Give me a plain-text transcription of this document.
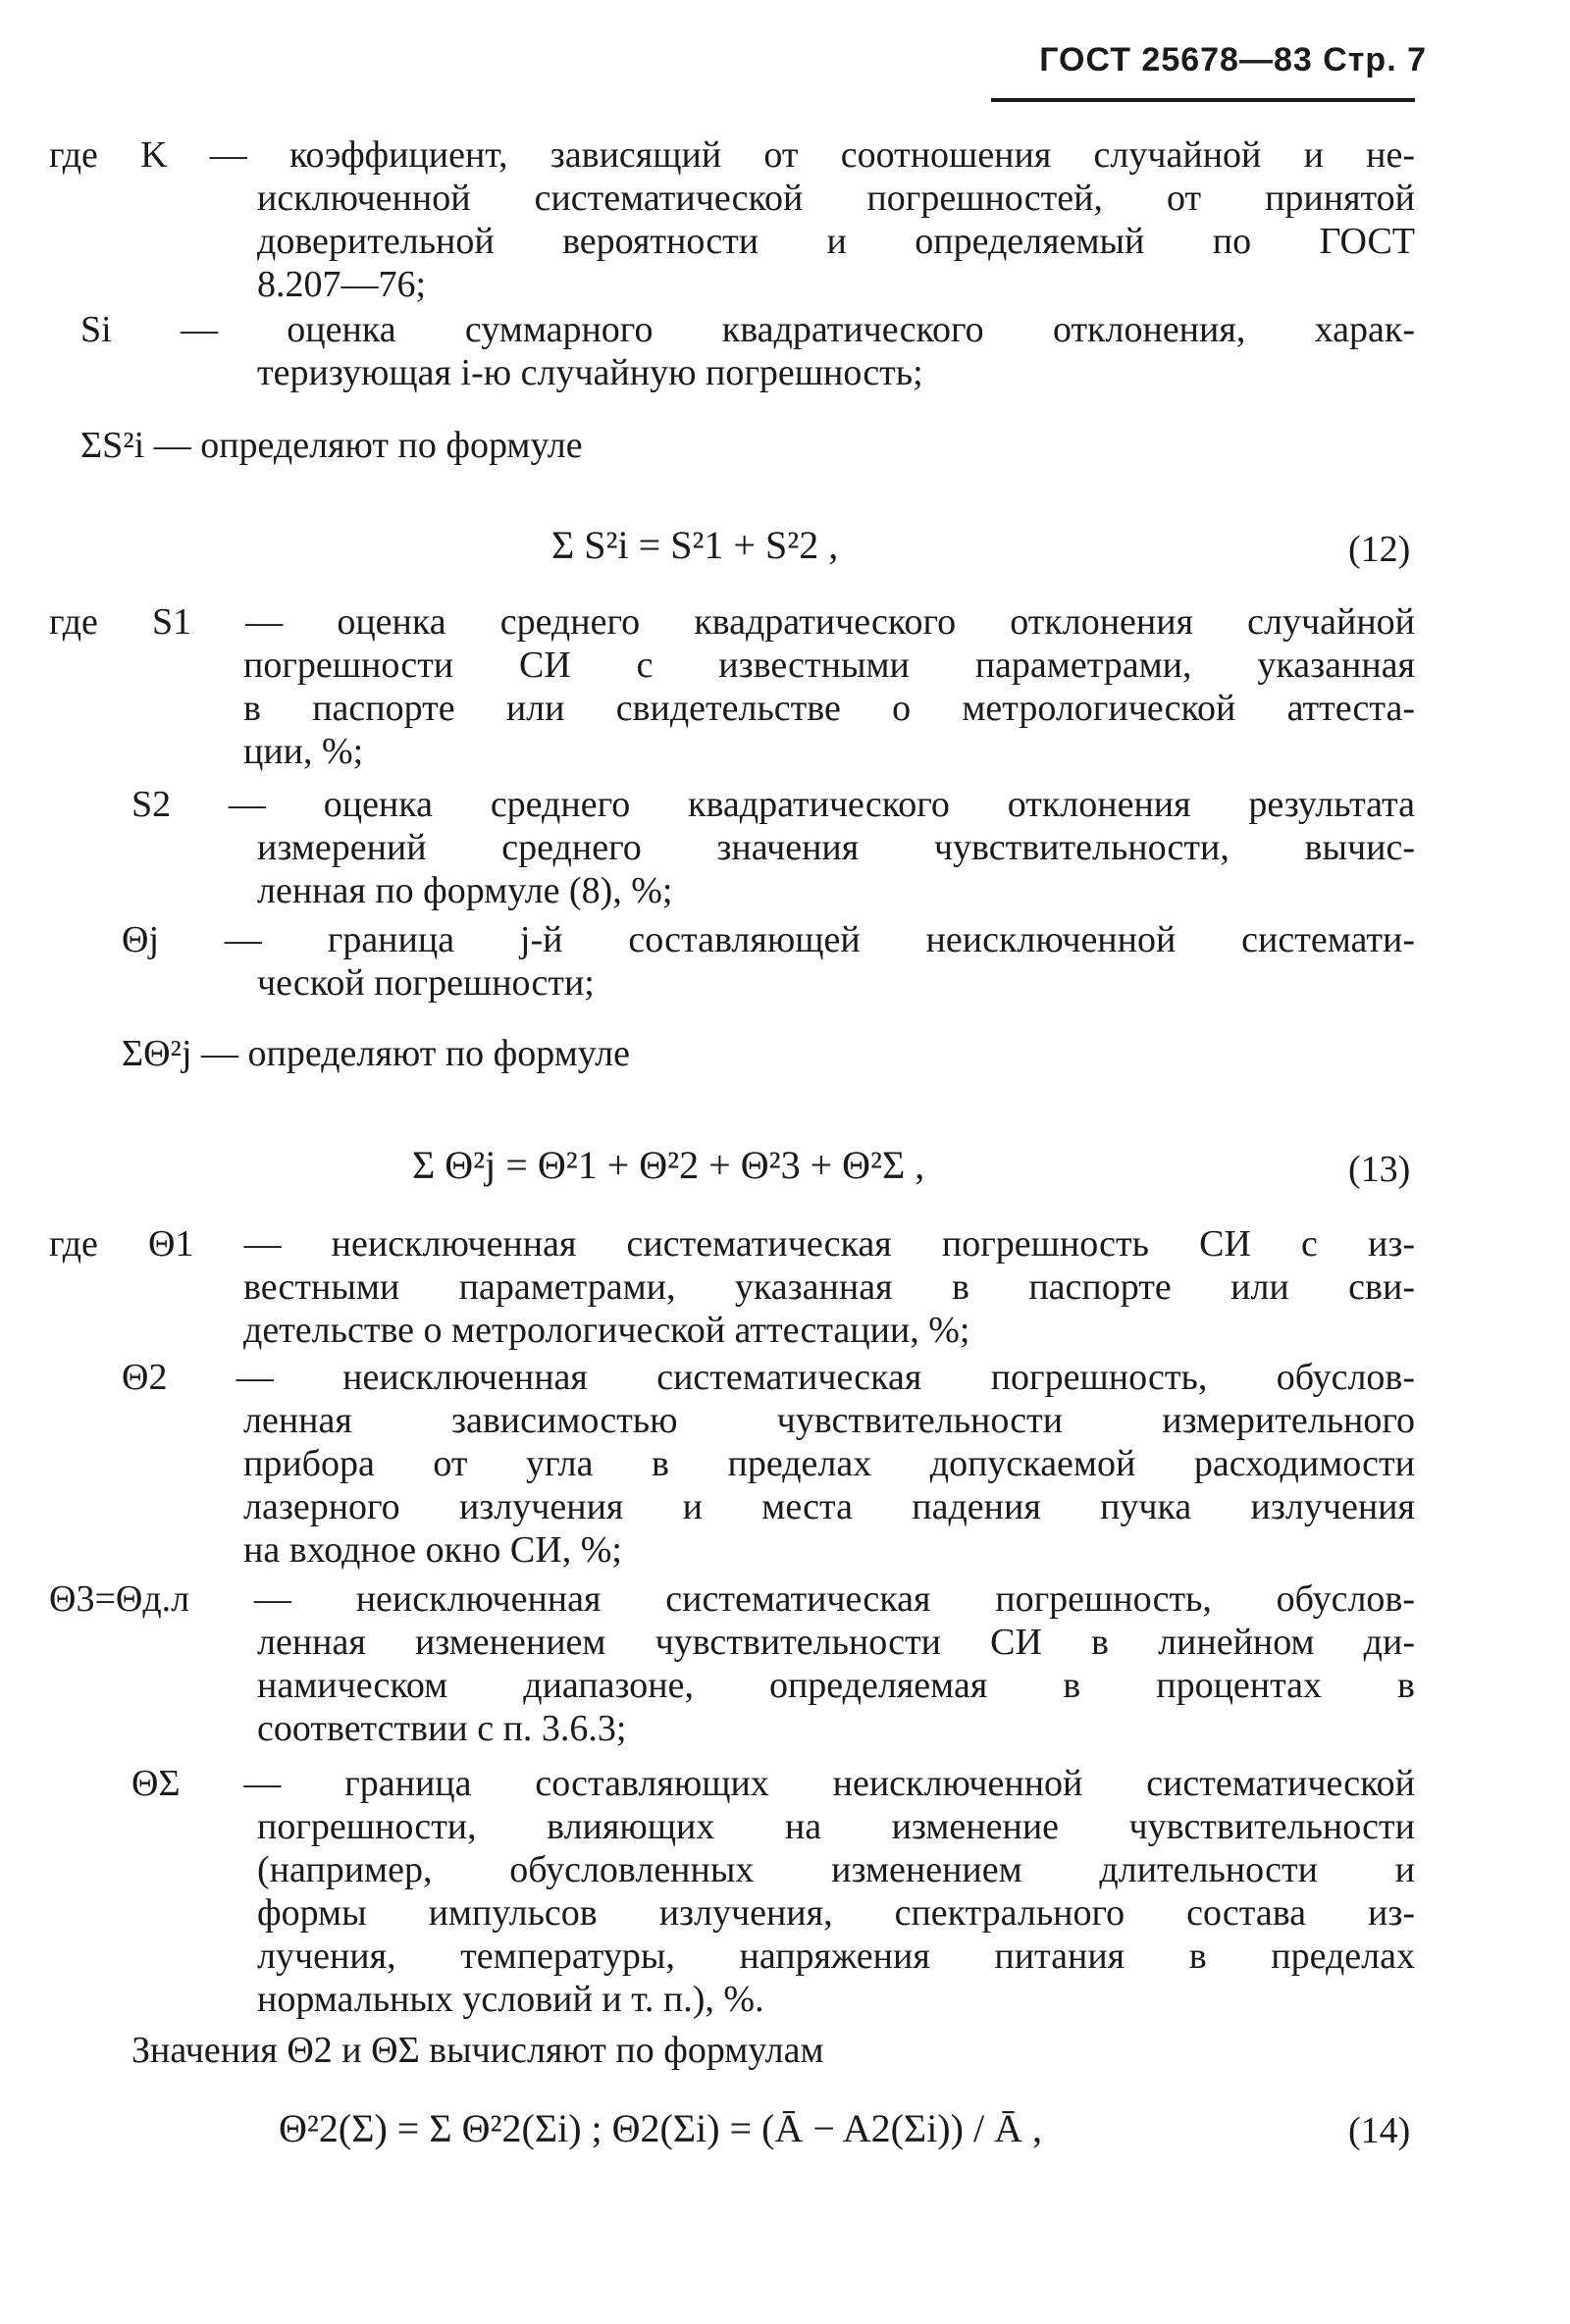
ГОСТ 25678—83 Стр. 7
где K — коэффициент, зависящий от соотношения случайной и не-
исключенной систематической погрешностей, от принятой
доверительной вероятности и определяемый по ГОСТ
8.207—76;
Si — оценка суммарного квадратического отклонения, харак-
теризующая i-ю случайную погрешность;
ΣS²i — определяют по формуле
Σ S²i = S²1 + S²2 ,	(12)
где S1 — оценка среднего квадратического отклонения случайной
погрешности СИ с известными параметрами, указанная
в паспорте или свидетельстве о метрологической аттеста-
ции, %;
S2 — оценка среднего квадратического отклонения результата
измерений среднего значения чувствительности, вычис-
ленная по формуле (8), %;
Θj — граница j-й составляющей неисключенной системати-
ческой погрешности;
ΣΘ²j — определяют по формуле
Σ Θ²j = Θ²1 + Θ²2 + Θ²3 + Θ²Σ ,	(13)
где Θ1 — неисключенная систематическая погрешность СИ с из-
вестными параметрами, указанная в паспорте или сви-
детельстве о метрологической аттестации, %;
Θ2 — неисключенная систематическая погрешность, обуслов-
ленная зависимостью чувствительности измерительного
прибора от угла в пределах допускаемой расходимости
лазерного излучения и места падения пучка излучения
на входное окно СИ, %;
Θ3=Θд.л — неисключенная систематическая погрешность, обуслов-
ленная изменением чувствительности СИ в линейном ди-
намическом диапазоне, определяемая в процентах в
соответствии с п. 3.6.3;
ΘΣ — граница составляющих неисключенной систематической
погрешности, влияющих на изменение чувствительности
(например, обусловленных изменением длительности и
формы импульсов излучения, спектрального состава из-
лучения, температуры, напряжения питания в пределах
нормальных условий и т. п.), %.
Значения Θ2 и ΘΣ вычисляют по формулам
Θ²2(Σ) = Σ Θ²2(Σi) ; Θ2(Σi) = (Ā − A2(Σi)) / Ā ,	(14)
